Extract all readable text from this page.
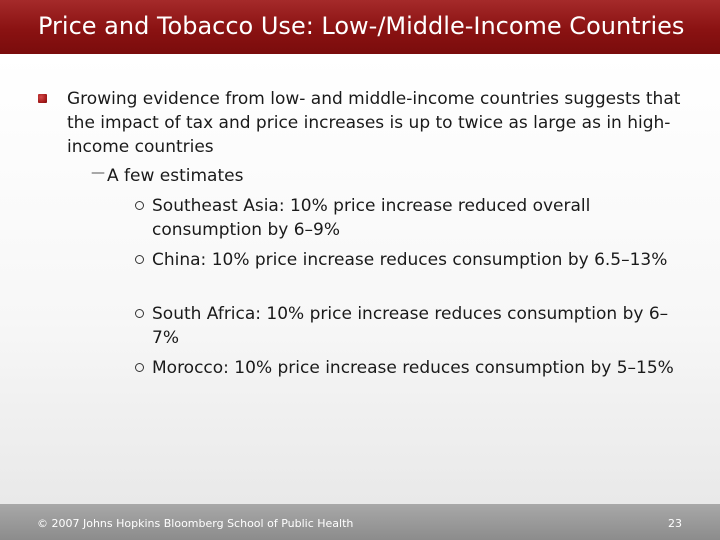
Price and Tobacco Use: Low-/Middle-Income Countries
Growing evidence from low- and middle-income countries suggests that the impact of tax and price increases is up to twice as large as in high-income countries
— A few estimates
Southeast Asia: 10% price increase reduced overall consumption by 6–9%
China: 10% price increase reduces consumption by 6.5–13%
South Africa: 10% price increase reduces consumption by 6–7%
Morocco: 10% price increase reduces consumption by 5–15%
© 2007 Johns Hopkins Bloomberg School of Public Health	23
